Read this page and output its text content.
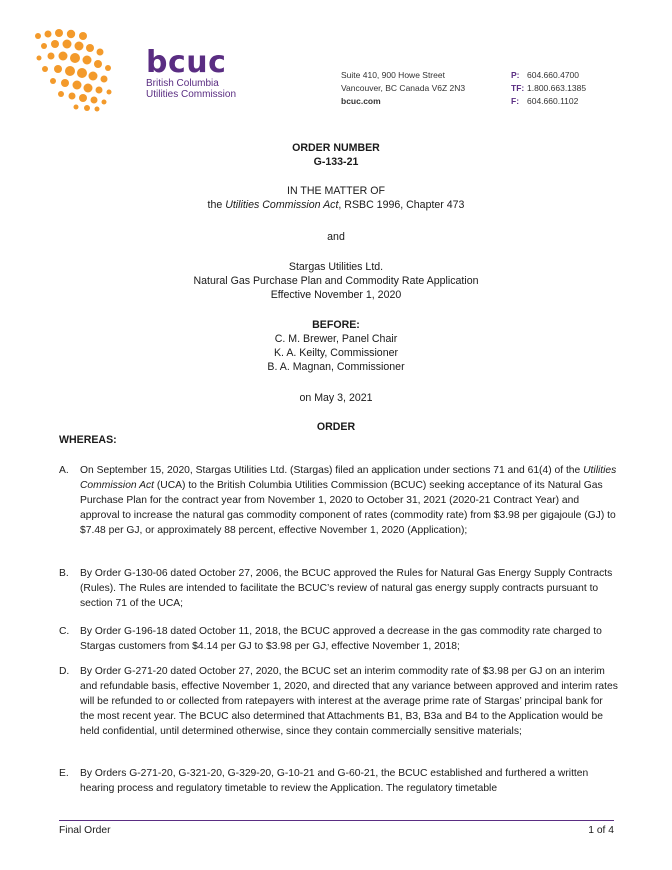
bcuc
British Columbia
Utilities Commission
Suite 410, 900 Howe Street
Vancouver, BC Canada V6Z 2N3
bcuc.com
P: 604.660.4700
TF: 1.800.663.1385
F: 604.660.1102
ORDER NUMBER
G-133-21
IN THE MATTER OF
the Utilities Commission Act, RSBC 1996, Chapter 473
and
Stargas Utilities Ltd.
Natural Gas Purchase Plan and Commodity Rate Application
Effective November 1, 2020
BEFORE:
C. M. Brewer, Panel Chair
K. A. Keilty, Commissioner
B. A. Magnan, Commissioner
on May 3, 2021
ORDER
WHEREAS:
A. On September 15, 2020, Stargas Utilities Ltd. (Stargas) filed an application under sections 71 and 61(4) of the Utilities Commission Act (UCA) to the British Columbia Utilities Commission (BCUC) seeking acceptance of its Natural Gas Purchase Plan for the contract year from November 1, 2020 to October 31, 2021 (2020-21 Contract Year) and approval to increase the natural gas commodity component of rates (commodity rate) from $3.98 per gigajoule (GJ) to $7.48 per GJ, or approximately 88 percent, effective November 1, 2020 (Application);
B. By Order G-130-06 dated October 27, 2006, the BCUC approved the Rules for Natural Gas Energy Supply Contracts (Rules). The Rules are intended to facilitate the BCUC’s review of natural gas energy supply contracts pursuant to section 71 of the UCA;
C. By Order G-196-18 dated October 11, 2018, the BCUC approved a decrease in the gas commodity rate charged to Stargas customers from $4.14 per GJ to $3.98 per GJ, effective November 1, 2018;
D. By Order G-271-20 dated October 27, 2020, the BCUC set an interim commodity rate of $3.98 per GJ on an interim and refundable basis, effective November 1, 2020, and directed that any variance between approved and interim rates will be refunded to or collected from ratepayers with interest at the average prime rate of Stargas’ principal bank for the most recent year. The BCUC also determined that Attachments B1, B3, B3a and B4 to the Application would be held confidential, until determined otherwise, since they contain commercially sensitive materials;
E. By Orders G-271-20, G-321-20, G-329-20, G-10-21 and G-60-21, the BCUC established and furthered a written hearing process and regulatory timetable to review the Application. The regulatory timetable
Final Order	1 of 4
